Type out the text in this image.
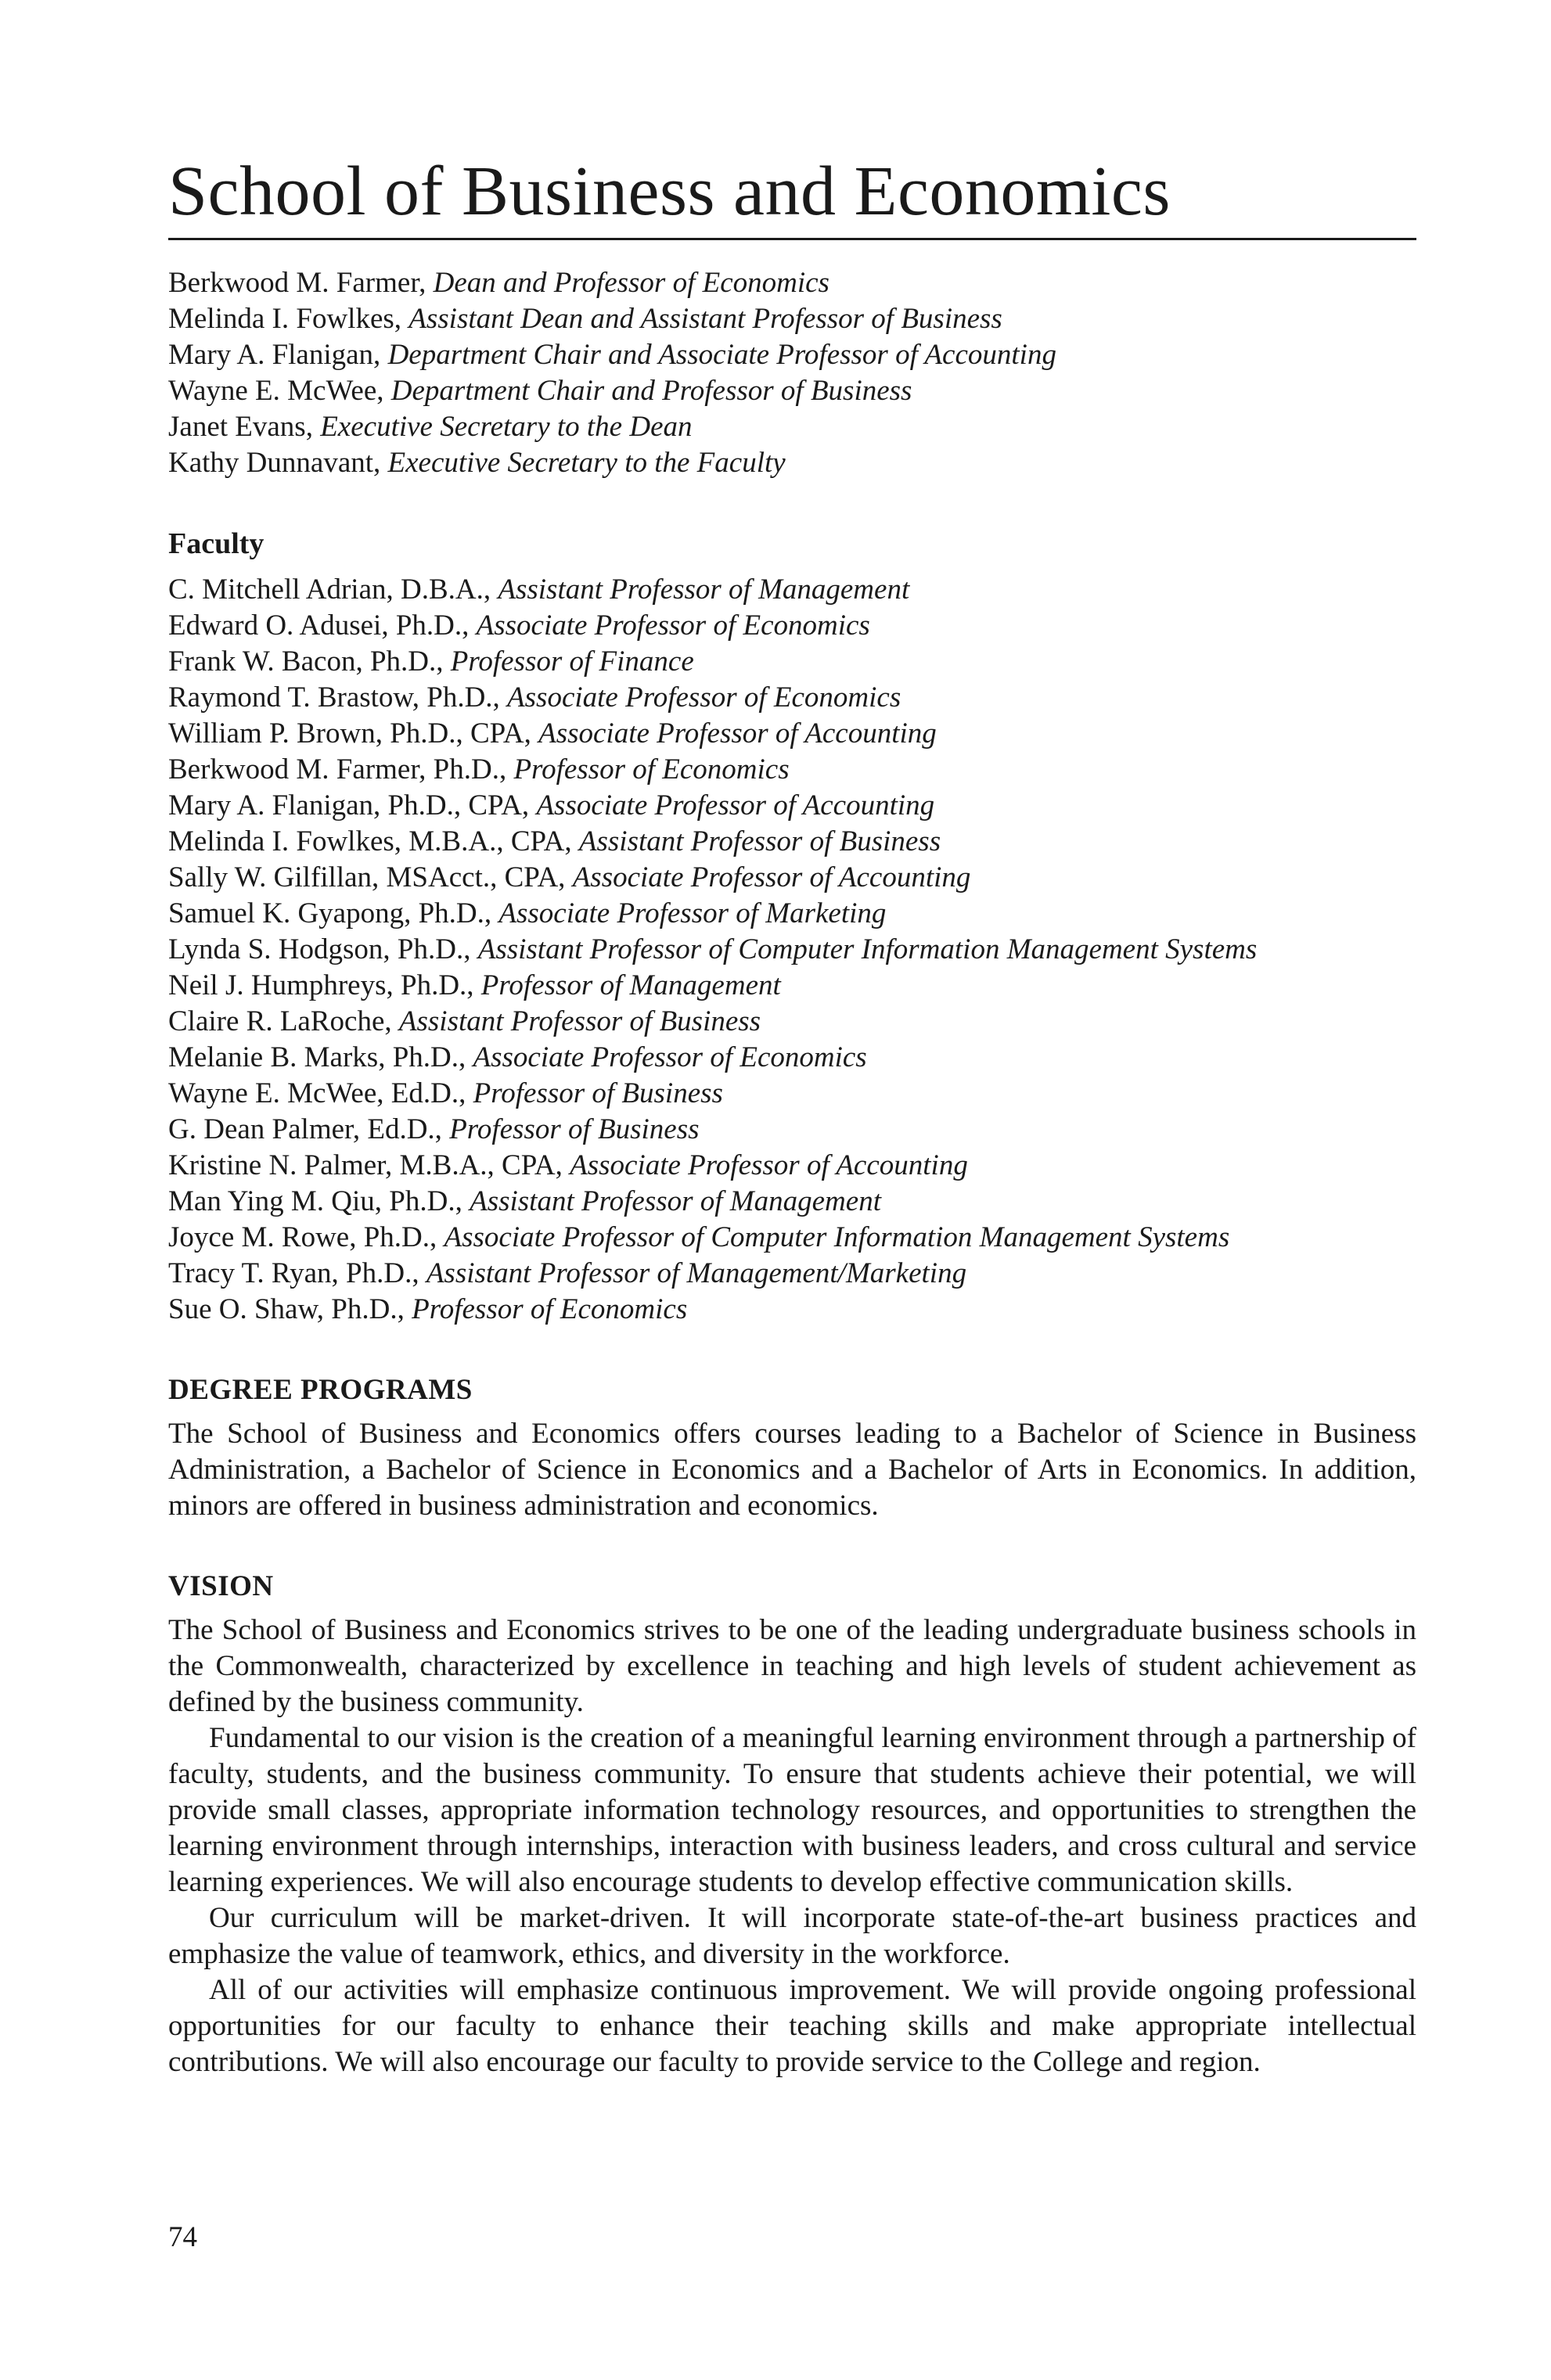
School of Business and Economics
Berkwood M. Farmer, Dean and Professor of Economics
Melinda I. Fowlkes, Assistant Dean and Assistant Professor of Business
Mary A. Flanigan, Department Chair and Associate Professor of Accounting
Wayne E. McWee, Department Chair and Professor of Business
Janet Evans, Executive Secretary to the Dean
Kathy Dunnavant, Executive Secretary to the Faculty
Faculty
C. Mitchell Adrian, D.B.A., Assistant Professor of Management
Edward O. Adusei, Ph.D., Associate Professor of Economics
Frank W. Bacon, Ph.D., Professor of Finance
Raymond T. Brastow, Ph.D., Associate Professor of Economics
William P. Brown, Ph.D., CPA, Associate Professor of Accounting
Berkwood M. Farmer, Ph.D., Professor of Economics
Mary A. Flanigan, Ph.D., CPA, Associate Professor of Accounting
Melinda I. Fowlkes, M.B.A., CPA, Assistant Professor of Business
Sally W. Gilfillan, MSAcct., CPA, Associate Professor of Accounting
Samuel K. Gyapong, Ph.D., Associate Professor of Marketing
Lynda S. Hodgson, Ph.D., Assistant Professor of Computer Information Management Systems
Neil J. Humphreys, Ph.D., Professor of Management
Claire R. LaRoche, Assistant Professor of Business
Melanie B. Marks, Ph.D., Associate Professor of Economics
Wayne E. McWee, Ed.D., Professor of Business
G. Dean Palmer, Ed.D., Professor of Business
Kristine N. Palmer, M.B.A., CPA, Associate Professor of Accounting
Man Ying M. Qiu, Ph.D., Assistant Professor of Management
Joyce M. Rowe, Ph.D., Associate Professor of Computer Information Management Systems
Tracy T. Ryan, Ph.D., Assistant Professor of Management/Marketing
Sue O. Shaw, Ph.D., Professor of Economics
DEGREE PROGRAMS

The School of Business and Economics offers courses leading to a Bachelor of Science in Business Administration, a Bachelor of Science in Economics and a Bachelor of Arts in Economics. In addition, minors are offered in business administration and economics.

VISION

The School of Business and Economics strives to be one of the leading undergraduate business schools in the Commonwealth, characterized by excellence in teaching and high levels of student achievement as defined by the business community.

Fundamental to our vision is the creation of a meaningful learning environment through a partnership of faculty, students, and the business community. To ensure that students achieve their potential, we will provide small classes, appropriate information technology resources, and opportunities to strengthen the learning environment through internships, interaction with business leaders, and cross cultural and service learning experiences. We will also encourage students to develop effective communication skills.

Our curriculum will be market-driven. It will incorporate state-of-the-art business practices and emphasize the value of teamwork, ethics, and diversity in the workforce.

All of our activities will emphasize continuous improvement. We will provide ongoing professional opportunities for our faculty to enhance their teaching skills and make appropriate intellectual contributions. We will also encourage our faculty to provide service to the College and region.

74
